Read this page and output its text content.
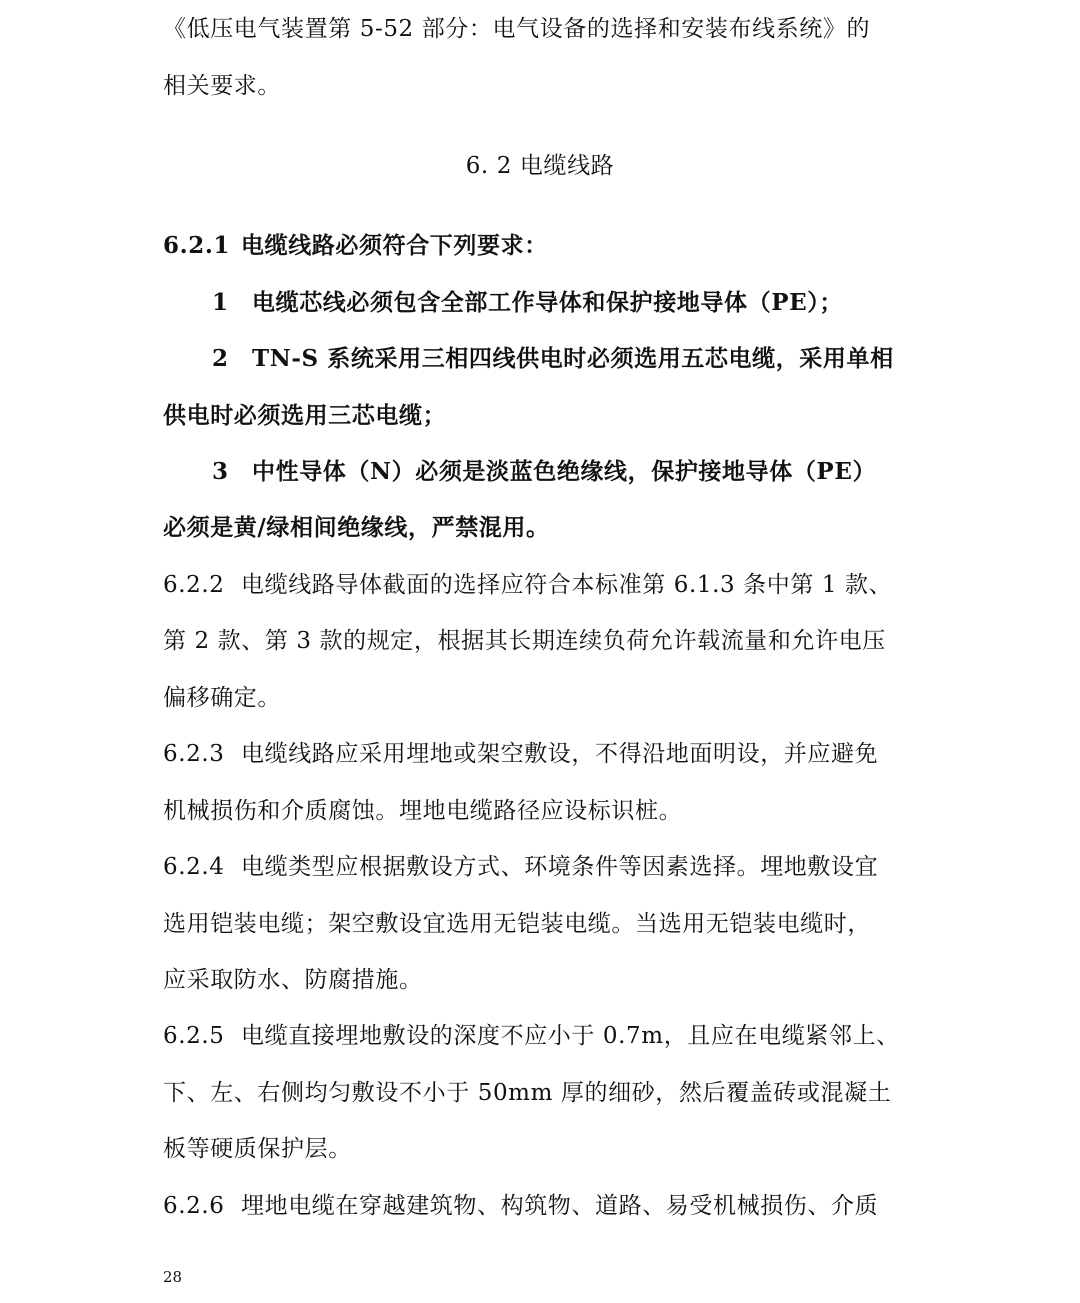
《低压电气装置第 5-52 部分：电气设备的选择和安装布线系统》的
相关要求。
6. 2 电缆线路
6.2.1 电缆线路必须符合下列要求：
1 电缆芯线必须包含全部工作导体和保护接地导体（PE）；
2 TN-S 系统采用三相四线供电时必须选用五芯电缆，采用单相
供电时必须选用三芯电缆；
3 中性导体（N）必须是淡蓝色绝缘线，保护接地导体（PE）
必须是黄/绿相间绝缘线，严禁混用。
6.2.2 电缆线路导体截面的选择应符合本标准第 6.1.3 条中第 1 款、
第 2 款、第 3 款的规定，根据其长期连续负荷允许载流量和允许电压
偏移确定。
6.2.3 电缆线路应采用埋地或架空敷设，不得沿地面明设，并应避免
机械损伤和介质腐蚀。埋地电缆路径应设标识桩。
6.2.4 电缆类型应根据敷设方式、环境条件等因素选择。埋地敷设宜
选用铠装电缆；架空敷设宜选用无铠装电缆。当选用无铠装电缆时，
应采取防水、防腐措施。
6.2.5 电缆直接埋地敷设的深度不应小于 0.7m，且应在电缆紧邻上、
下、左、右侧均匀敷设不小于 50mm 厚的细砂，然后覆盖砖或混凝土
板等硬质保护层。
6.2.6 埋地电缆在穿越建筑物、构筑物、道路、易受机械损伤、介质
28
